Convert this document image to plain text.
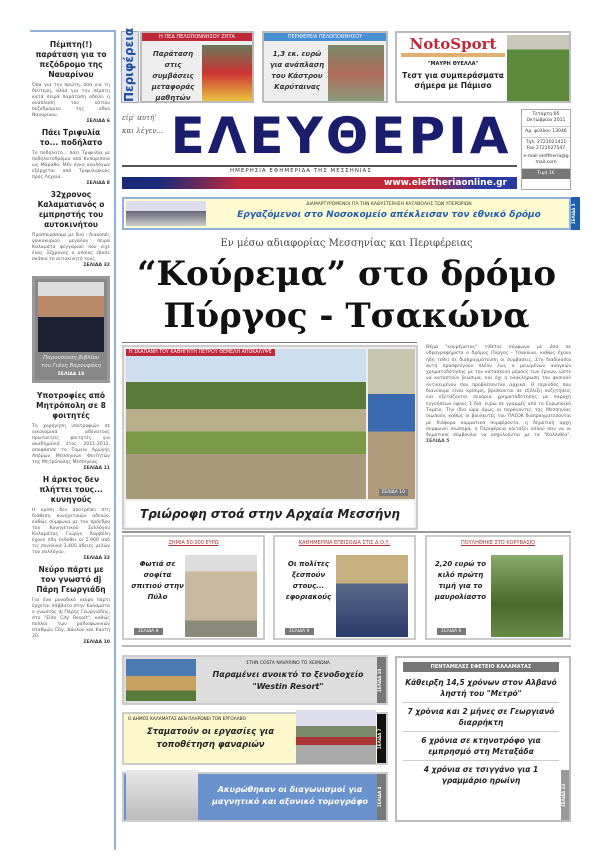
Πέμπτη(!) παράταση για το πεζόδρομο της Ναυαρίνου

Όσα για την πρώτη, όσα για τη δεύτερη, αλλά για την πέμπτη κατά σειρά παράταση οδεύει η ανάπλαση του νοτίου πεζοδρομίου της οδού Ναυαρίνου.

ΣΕΛΙΔΑ 6
Πάει Τριφυλία το... ποδήλατο

Το ποδήλατο... πάει Τριφυλία με ποδηλατοδρόμιο από Κυπαρισσία ως Μάραθο. Μέν όγκο αναλόγων εξέρχεται από Τριφυλιακούς προς Λεχαία.

ΣΕΛΙΔΑ 8
32χρονος Καλαματιανός ο εμπρηστής του αυτοκινήτου

Προσπεράσαμε με δυο - διακοπές νοικοκυριού μεγάλου σειρά Καλαμάτα φεγγαριού που είχε ένας 32χρονος ο οποίος έβαλε σκόπιο το αυτοκίνητό τους.

ΣΕΛΙΔΑ 32

Παρουσίαση βιβλίου του Γιάνη Βαρουφάκη

ΣΕΛΙΔΑ 18
Υποτροφίες από Μητρόπολη σε 8 φοιτητές

Τη χορήγηση υποτροφιών σε οικονομικά αδύνατους πρωτοετείς φοιτητές για ακαδημαϊκό έτος 2011-2012, αποφάσισε το Ταμείο Αρωγής Απόρων Μεσσηνίων Φοιτητών της Μητρόπολης Μεσσηνίας.

ΣΕΛΙΔΑ 11
Η άρκτος δεν πλήττει τους... κυνηγούς

Η κρίση δεν αποτρέπει στη διάθεση κυνηγετικών αδειών, καθώς σύμφωνα με τον πρόεδρο του Κυνηγετικού Συλλόγου Καλαμάτας Γιώργο Καρβέλη έχουν ήδη εκδοθεί οι 2.900 από τις συνολικά 3.400 άδειες μελών του συλλόγου.

ΣΕΛΙΔΑ 32
Νεύρο πάρτι με τον γνωστό dj Πάρη Γεωργιάδη

Για ένα μοναδικό νεύρο πάρτι έρχεται σάββατο στην Καλαμάτα ο γνωστός dj Πάρης Γεωργιάδης, στο "Elite City Resort", καθώς πολλοί των ραδιοφωνικών σταθμών City, Δάυλου και Καυτή 20.

ΣΕΛΙΔΑ 10
Περιφέρεια	Η ΠΕΔ ΠΕΛΟΠΟΝΝΗΣΟΥ ΖΗΤΑ
Παράταση στις συμβάσεις μεταφοράς μαθητών
ΠΕΡΙΦΕΡΕΙΑ ΠΕΛΟΠΟΝΝΗΣΟΥ
1,3 εκ. ευρώ για ανάπλαση του Κάστρου Καρύταινας
NotoSport
"ΜΑΥΡΗ ΘΥΕΛΛΑ"
Τεστ για συμπεράσματα σήμερα με Πάμισο
είμ' αυτή' και λέγεν... ΕΛΕΥΘΕΡΙΑ
ΗΜΕΡΗΣΙΑ ΕΦΗΜΕΡΙΔΑ ΤΗΣ ΜΕΣΣΗΝΙΑΣ
www.eleftheriaonline.gr
Τετάρτη 05 Οκτωβρίου 2011
Αρ. φύλλου 13046
Τηλ. 2721021421
Fax 2721027547
e-mail eleftheria@gmail.com
Τιμή 1€
ΔΙΑΜΑΡΤΥΡΟΜΕΝΟΙ ΓΙΑ ΤΗΝ ΚΑΘΥΣΤΕΡΗΣΗ ΚΑΤΑΒΟΛΗΣ ΤΩΝ ΥΠΕΡΩΡΙΩΝ
Εργαζόμενοι στο Νοσοκομείο απέκλεισαν τον εθνικό δρόμο	ΣΕΛΙΔΑ 3
Εν μέσω αδιαφορίας Μεσσηνίας και Περιφέρειας
“Κούρεμα” στο δρόμο
Πύργος - Τσακώνα
Η ΣΚΑΠΑΝΗ ΤΟΥ ΚΑΘΗΓΗΤΗ ΠΕΤΡΟΥ ΘΕΜΕΛΗ ΑΠΟΚΑΛΥΨΕ
ΣΕΛΙΔΑ 10
Τριώροφη στοά στην Αρχαία Μεσσήνη
Θέμα "κουρέματος" τίθεται σύμφωνα με όσα σε υδρογραφήματα ο δρόμος Πύργος - Τσακώνα, καθώς έχουν ήδη τεθεί σε διαπραγμάτευση οι συμβάσεις. Στη διαδικασία αυτή προσφεύγουν πλέον έως ο μειωμένων αναγκών χρηματοδότησης με την κατασκευή μέρους των έργων, ώστε να καταστούν βιώσιμα, και όχι η ολοκλήρωση του φυσικού αντικειμένου που προβλέπονταν αρχικά. Η περίοδος που διανύουμε είναι κρίσιμη, βρίσκονται σε εξέλιξη συζητήσεις και εξετάζονται σενάρια χρηματοδότησης με παροχή εγγυήσεων ύψους 1 δισ. ευρώ σε γραμμές από το Ευρωπαϊκό Ταμείο. Την ίδια ώρα όμως οι παράγοντες της Μεσσηνίας σιωπούν, καθώς οι βουλευτές του ΠΑΣΟΚ διαπραγματεύονται με διάφορα κομματικά συμφέροντα, η δημοτική αρχή συμφωνεί σιωπηρά, η Περιφέρεια κοιτάζει αλλού σαν να οι δημοτικοί σύμβουλοι να ασχολούνται με τα "Καλλιθέα". ΣΕΛΙΔΑ 5
ΖΗΜΙΑ 50.000 ΕΥΡΩ
Φωτιά σε σοφίτα σπιτιού στην Πύλο
ΣΕΛΙΔΑ 8
ΚΑΘΗΜΕΡΙΝΑ ΕΠΕΙΣΟΔΙΑ ΣΤΙΣ Δ.Ο.Υ.
Οι πολίτες ξεσπούν στους... εφοριακούς
ΣΕΛΙΔΑ 9
ΠΟΥΛΗΘΗΚΕ ΣΤΟ ΚΟΡΥΒΑΣΙΟ
2,20 ευρώ το κιλό πρώτη τιμή για το μαυρολίαστο
ΣΕΛΙΔΑ 6
ΣΤΗΝ COSTA NAVARINO ΤΟ ΧΕΙΜΩΝΑ
Παραμένει ανοικτό το ξενοδοχείο "Westin Resort"	ΣΕΛΙΔΑ 10
Ο ΔΗΜΟΣ ΚΑΛΑΜΑΤΑΣ ΔΕΝ ΠΛΗΡΩΝΕΙ ΤΟΝ ΕΡΓΟΛΑΒΟ
Σταματούν οι εργασίες για τοποθέτηση φαναριών	ΣΕΛΙΔΑ 7
Ακυρώθηκαν οι διαγωνισμοί για μαγνητικό και αξονικό τομογράφο	ΣΕΛΙΔΑ 4
ΠΕΝΤΑΜΕΛΕΣ ΕΦΕΤΕΙΟ ΚΑΛΑΜΑΤΑΣ
Κάθειρξη 14,5 χρόνων στον Αλβανό ληστή του "Μετρό"
7 χρόνια και 2 μήνες σε Γεωργιανό διαρρήκτη
6 χρόνια σε κτηνοτρόφο για εμπρησμό στη Μεταξάδα
4 χρόνια σε τσιγγάνο για 1 γραμμάριο ηρωίνη
ΣΕΛΙΔΑ 13
